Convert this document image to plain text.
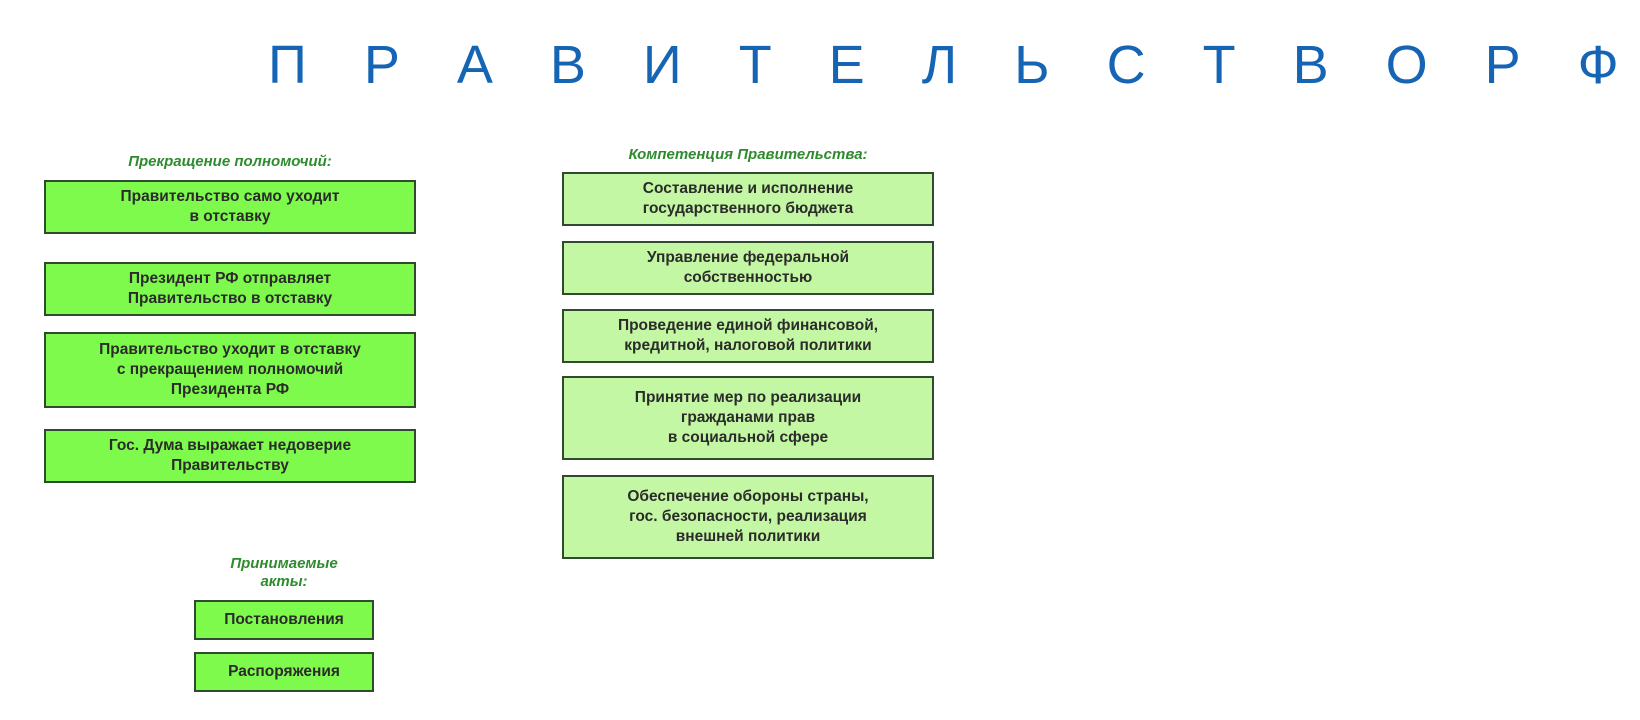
П Р А В И Т Е Л Ь С Т В О Р Ф
Прекращение полномочий:
Правительство само уходит
в отставку
Президент РФ отправляет
Правительство в отставку
Правительство уходит в отставку
с прекращением полномочий
Президента РФ
Гос. Дума выражает недоверие
Правительству
Компетенция Правительства:
Составление и исполнение
государственного бюджета
Управление федеральной
собственностью
Проведение единой финансовой,
кредитной, налоговой политики
Принятие мер по реализации
гражданами прав
в социальной сфере
Обеспечение обороны страны,
гос. безопасности, реализация
внешней политики
Принимаемые
акты:
Постановления
Распоряжения
